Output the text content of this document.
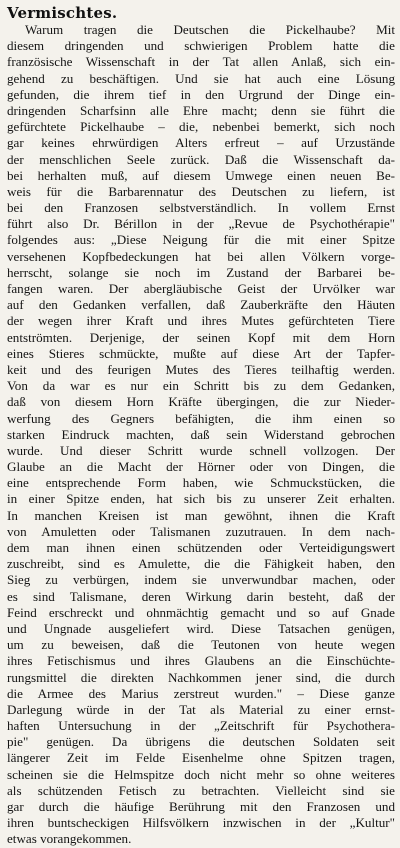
Vermischtes.
Warum tragen die Deutschen die Pickelhaube? Mit
diesem dringenden und schwierigen Problem hatte die
französische Wissenschaft in der Tat allen Anlaß, sich ein-
gehend zu beschäftigen. Und sie hat auch eine Lösung
gefunden, die ihrem tief in den Urgrund der Dinge ein-
dringenden Scharfsinn alle Ehre macht; denn sie führt die
gefürchtete Pickelhaube – die, nebenbei bemerkt, sich noch
gar keines ehrwürdigen Alters erfreut – auf Urzustände
der menschlichen Seele zurück. Daß die Wissenschaft da-
bei herhalten muß, auf diesem Umwege einen neuen Be-
weis für die Barbarennatur des Deutschen zu liefern, ist
bei den Franzosen selbstverständlich. In vollem Ernst
führt also Dr. Bérillon in der „Revue de Psychothérapie"
folgendes aus: „Diese Neigung für die mit einer Spitze
versehenen Kopfbedeckungen hat bei allen Völkern vorge-
herrscht, solange sie noch im Zustand der Barbarei be-
fangen waren. Der abergläubische Geist der Urvölker war
auf den Gedanken verfallen, daß Zauberkräfte den Häuten
der wegen ihrer Kraft und ihres Mutes gefürchteten Tiere
entströmten. Derjenige, der seinen Kopf mit dem Horn
eines Stieres schmückte, mußte auf diese Art der Tapfer-
keit und des feurigen Mutes des Tieres teilhaftig werden.
Von da war es nur ein Schritt bis zu dem Gedanken,
daß von diesem Horn Kräfte übergingen, die zur Nieder-
werfung des Gegners befähigten, die ihm einen so
starken Eindruck machten, daß sein Widerstand gebrochen
wurde. Und dieser Schritt wurde schnell vollzogen. Der
Glaube an die Macht der Hörner oder von Dingen, die
eine entsprechende Form haben, wie Schmuckstücken, die
in einer Spitze enden, hat sich bis zu unserer Zeit erhalten.
In manchen Kreisen ist man gewöhnt, ihnen die Kraft
von Amuletten oder Talismanen zuzutrauen. In dem nach-
dem man ihnen einen schützenden oder Verteidigungswert
zuschreibt, sind es Amulette, die die Fähigkeit haben, den
Sieg zu verbürgen, indem sie unverwundbar machen, oder
es sind Talismane, deren Wirkung darin besteht, daß der
Feind erschreckt und ohnmächtig gemacht und so auf Gnade
und Ungnade ausgeliefert wird. Diese Tatsachen genügen,
um zu beweisen, daß die Teutonen von heute wegen
ihres Fetischismus und ihres Glaubens an die Einschüchte-
rungsmittel die direkten Nachkommen jener sind, die durch
die Armee des Marius zerstreut wurden." – Diese ganze
Darlegung würde in der Tat als Material zu einer ernst-
haften Untersuchung in der „Zeitschrift für Psychothera-
pie" genügen. Da übrigens die deutschen Soldaten seit
längerer Zeit im Felde Eisenhelme ohne Spitzen tragen,
scheinen sie die Helmspitze doch nicht mehr so ohne weiteres
als schützenden Fetisch zu betrachten. Vielleicht sind sie
gar durch die häufige Berührung mit den Franzosen und
ihren buntscheckigen Hilfsvölkern inzwischen in der „Kultur"
etwas vorangekommen.
